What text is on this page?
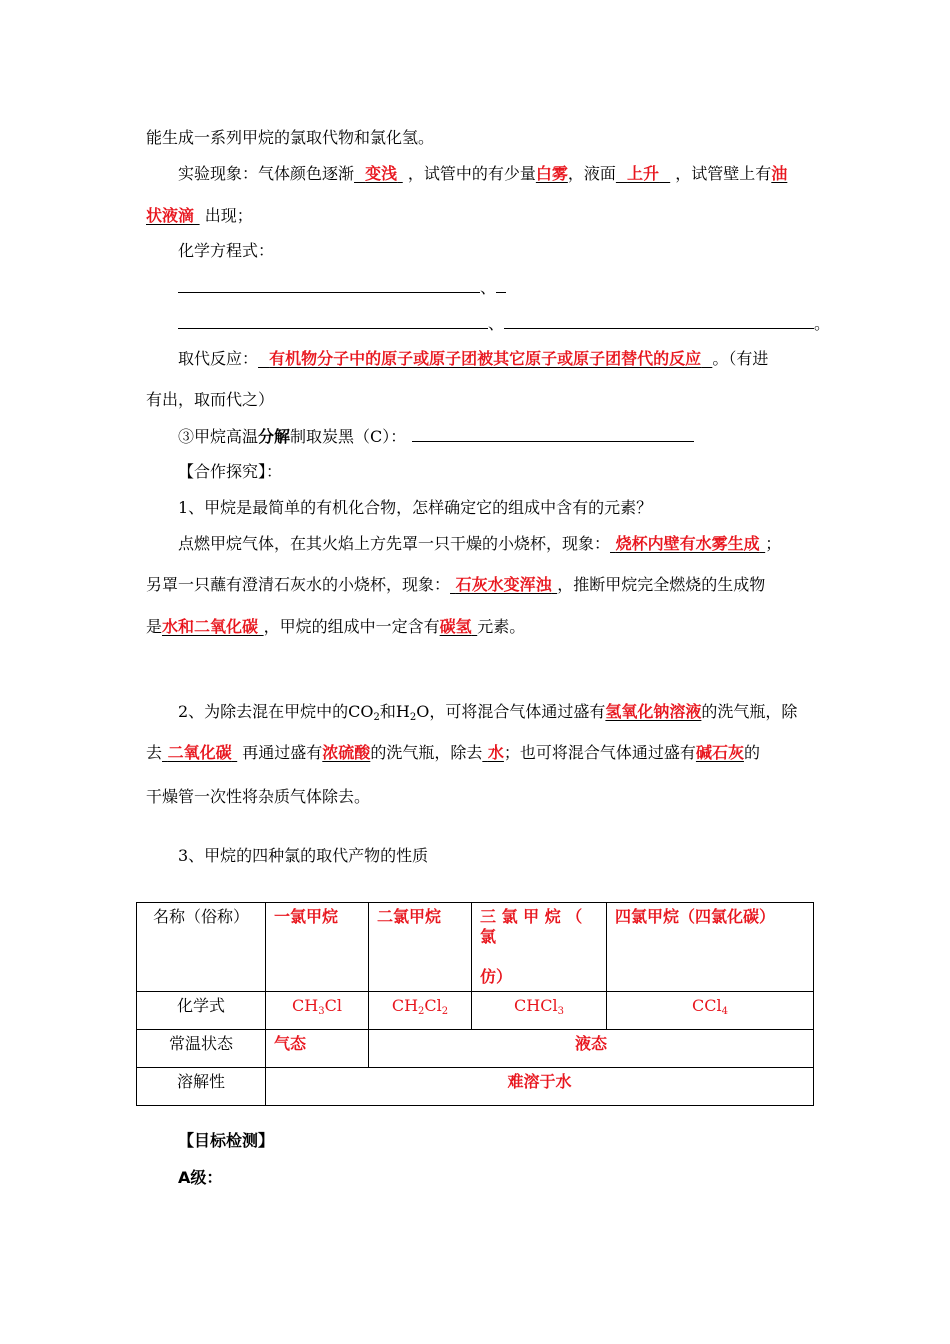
能生成一系列甲烷的氯取代物和氯化氢。
实验现象：气体颜色逐渐 变浅 ，试管中的有少量白雾，液面 上升 ，试管壁上有油
状液滴 出现；
化学方程式：
、
、	。
取代反应： 有机物分子中的原子或原子团被其它原子或原子团替代的反应 。（有进
有出，取而代之）
③甲烷高温分解制取炭黑（C）：
【合作探究】：
1、甲烷是最简单的有机化合物，怎样确定它的组成中含有的元素？
点燃甲烷气体，在其火焰上方先罩一只干燥的小烧杯，现象： 烧杯内壁有水雾生成 ；
另罩一只蘸有澄清石灰水的小烧杯，现象： 石灰水变浑浊 ，推断甲烷完全燃烧的生成物
是水和二氧化碳 ，甲烷的组成中一定含有碳氢 元素。
2、为除去混在甲烷中的$CO_2$和$H_2O$，可将混合气体通过盛有氢氧化钠溶液的洗气瓶，除
去 二氧化碳 再通过盛有浓硫酸的洗气瓶，除去 水；也可将混合气体通过盛有碱石灰的
干燥管一次性将杂质气体除去。
3、甲烷的四种氯的取代产物的性质
名称（俗称）	一氯甲烷	二氯甲烷	三 氯 甲 烷 （ 氯
仿）	四氯甲烷（四氯化碳）
化学式	$CH_3Cl$	$CH_2Cl_2$	CHCl$_3$	CCl$_4$
常温状态	气态	液态		
溶解性	难溶于水			
【目标检测】
A级：
